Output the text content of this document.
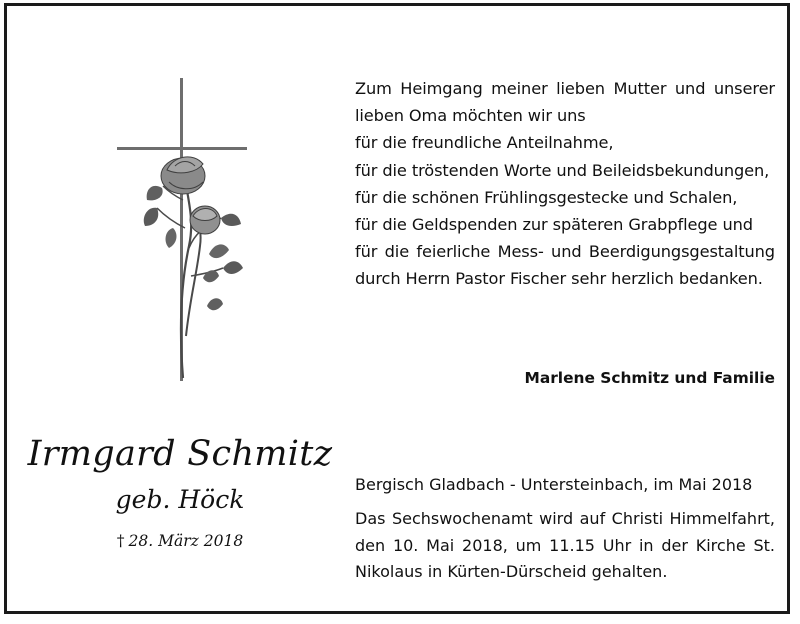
Zum Heimgang meiner lieben Mutter und unserer
lieben Oma möchten wir uns
für die freundliche Anteilnahme,
für die tröstenden Worte und Beileidsbekundungen,
für die schönen Frühlingsgestecke und Schalen,
für die Geldspenden zur späteren Grabpflege und
für die feierliche Mess- und Beerdigungsgestaltung
durch Herrn Pastor Fischer sehr herzlich bedanken.
Marlene Schmitz und Familie
Irmgard Schmitz
geb. Höck
† 28. März 2018
Bergisch Gladbach - Untersteinbach, im Mai 2018
Das Sechswochenamt wird auf Christi Himmelfahrt,
den 10. Mai 2018, um 11.15 Uhr in der Kirche St.
Nikolaus in Kürten-Dürscheid gehalten.
